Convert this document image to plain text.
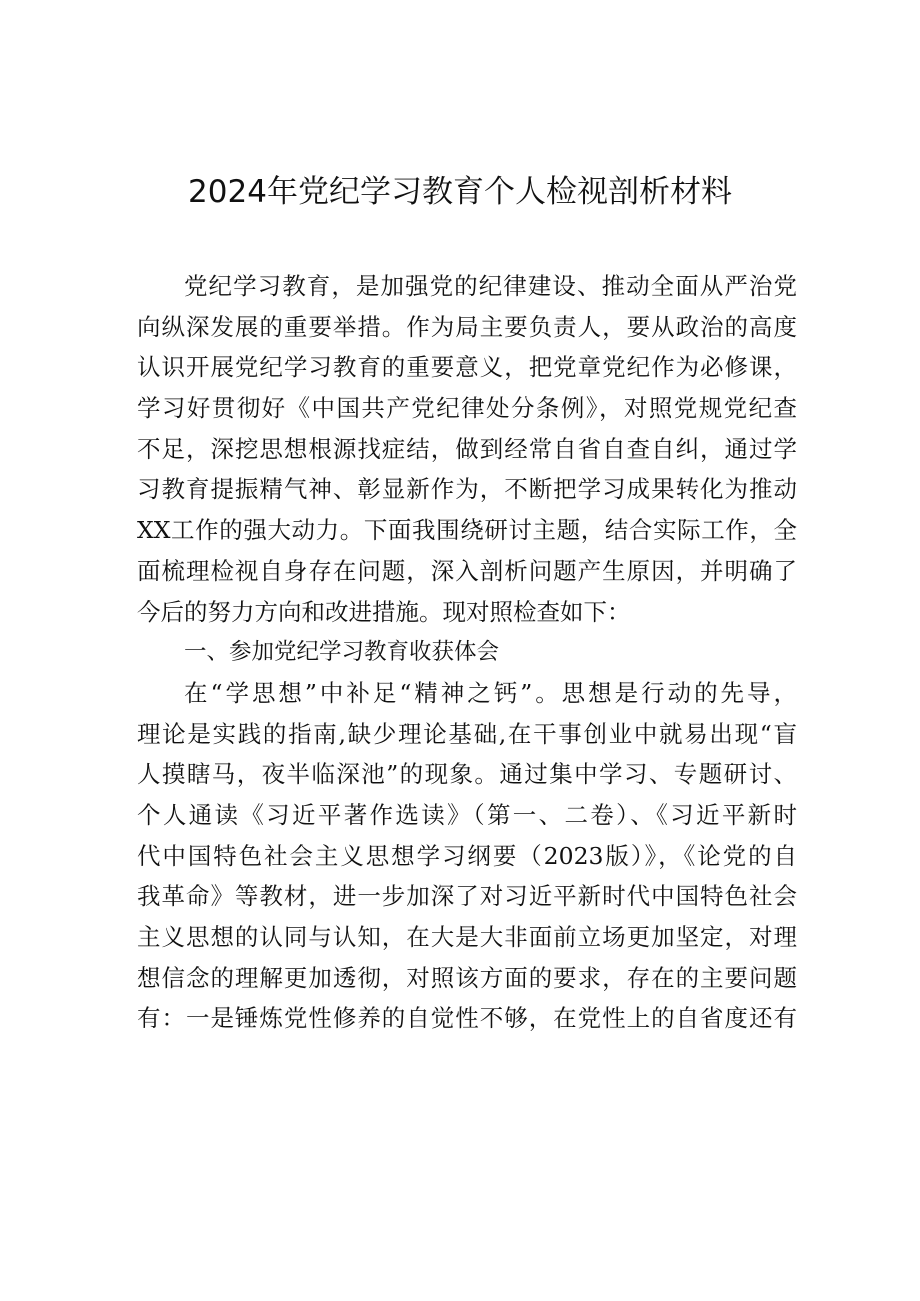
2024年党纪学习教育个人检视剖析材料
党纪学习教育，是加强党的纪律建设、推动全面从严治党
向纵深发展的重要举措。作为局主要负责人，要从政治的高度
认识开展党纪学习教育的重要意义，把党章党纪作为必修课，
学习好贯彻好《中国共产党纪律处分条例》，对照党规党纪查
不足，深挖思想根源找症结，做到经常自省自查自纠，通过学
习教育提振精气神、彰显新作为，不断把学习成果转化为推动
XX工作的强大动力。下面我围绕研讨主题，结合实际工作，全
面梳理检视自身存在问题，深入剖析问题产生原因，并明确了
今后的努力方向和改进措施。现对照检查如下：
一、参加党纪学习教育收获体会
在“学思想”中补足“精神之钙”。思想是行动的先导，
理论是实践的指南,缺少理论基础,在干事创业中就易出现“盲
人摸瞎马，夜半临深池”的现象。通过集中学习、专题研讨、
个人通读《习近平著作选读》（第一、二卷）、《习近平新时
代中国特色社会主义思想学习纲要（2023版）》，《论党的自
我革命》等教材，进一步加深了对习近平新时代中国特色社会
主义思想的认同与认知，在大是大非面前立场更加坚定，对理
想信念的理解更加透彻，对照该方面的要求，存在的主要问题
有：一是锤炼党性修养的自觉性不够，在党性上的自省度还有
